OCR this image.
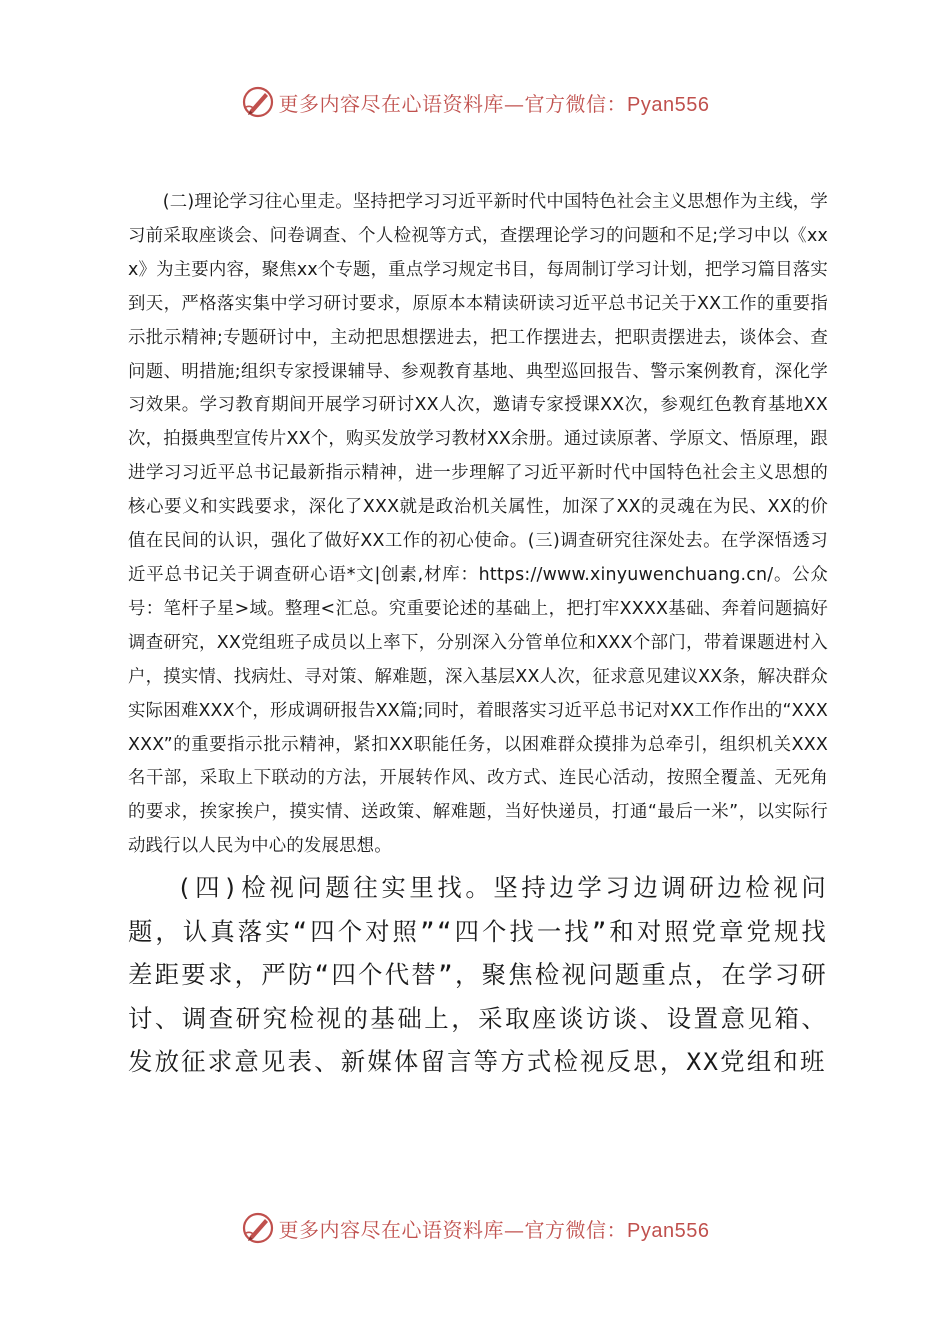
更多内容尽在心语资料库—官方微信：Pyan556

(二)理论学习往心里走。坚持把学习习近平新时代中国特色社会主义思想作为主线，学习前采取座谈会、问卷调查、个人检视等方式，查摆理论学习的问题和不足;学习中以《xxx》为主要内容，聚焦xx个专题，重点学习规定书目，每周制订学习计划，把学习篇目落实到天，严格落实集中学习研讨要求，原原本本精读研读习近平总书记关于XX工作的重要指示批示精神;专题研讨中，主动把思想摆进去，把工作摆进去，把职责摆进去，谈体会、查问题、明措施;组织专家授课辅导、参观教育基地、典型巡回报告、警示案例教育，深化学习效果。学习教育期间开展学习研讨XX人次，邀请专家授课XX次，参观红色教育基地XX次，拍摄典型宣传片XX个，购买发放学习教材XX余册。通过读原著、学原文、悟原理，跟进学习习近平总书记最新指示精神，进一步理解了习近平新时代中国特色社会主义思想的核心要义和实践要求，深化了XXX就是政治机关属性，加深了XX的灵魂在为民、XX的价值在民间的认识，强化了做好XX工作的初心使命。(三)调查研究往深处去。在学深悟透习近平总书记关于调查研心语*文|创素,材库：https://www.xinyuwenchuang.cn/。公众号：笔杆子星>域。整理<汇总。究重要论述的基础上，把打牢XXXX基础、奔着问题搞好调查研究，XX党组班子成员以上率下，分别深入分管单位和XXX个部门，带着课题进村入户，摸实情、找病灶、寻对策、解难题，深入基层XX人次，征求意见建议XX条，解决群众实际困难XXX个，形成调研报告XX篇;同时，着眼落实习近平总书记对XX工作作出的“XXXXXX”的重要指示批示精神，紧扣XX职能任务，以困难群众摸排为总牵引，组织机关XXX名干部，采取上下联动的方法，开展转作风、改方式、连民心活动，按照全覆盖、无死角的要求，挨家挨户，摸实情、送政策、解难题，当好快递员，打通“最后一米”，以实际行动践行以人民为中心的发展思想。

(四)检视问题往实里找。坚持边学习边调研边检视问题，认真落实“四个对照”“四个找一找”和对照党章党规找差距要求，严防“四个代替”，聚焦检视问题重点，在学习研讨、调查研究检视的基础上，采取座谈访谈、设置意见箱、发放征求意见表、新媒体留言等方式检视反思，XX党组和班

更多内容尽在心语资料库—官方微信：Pyan556
